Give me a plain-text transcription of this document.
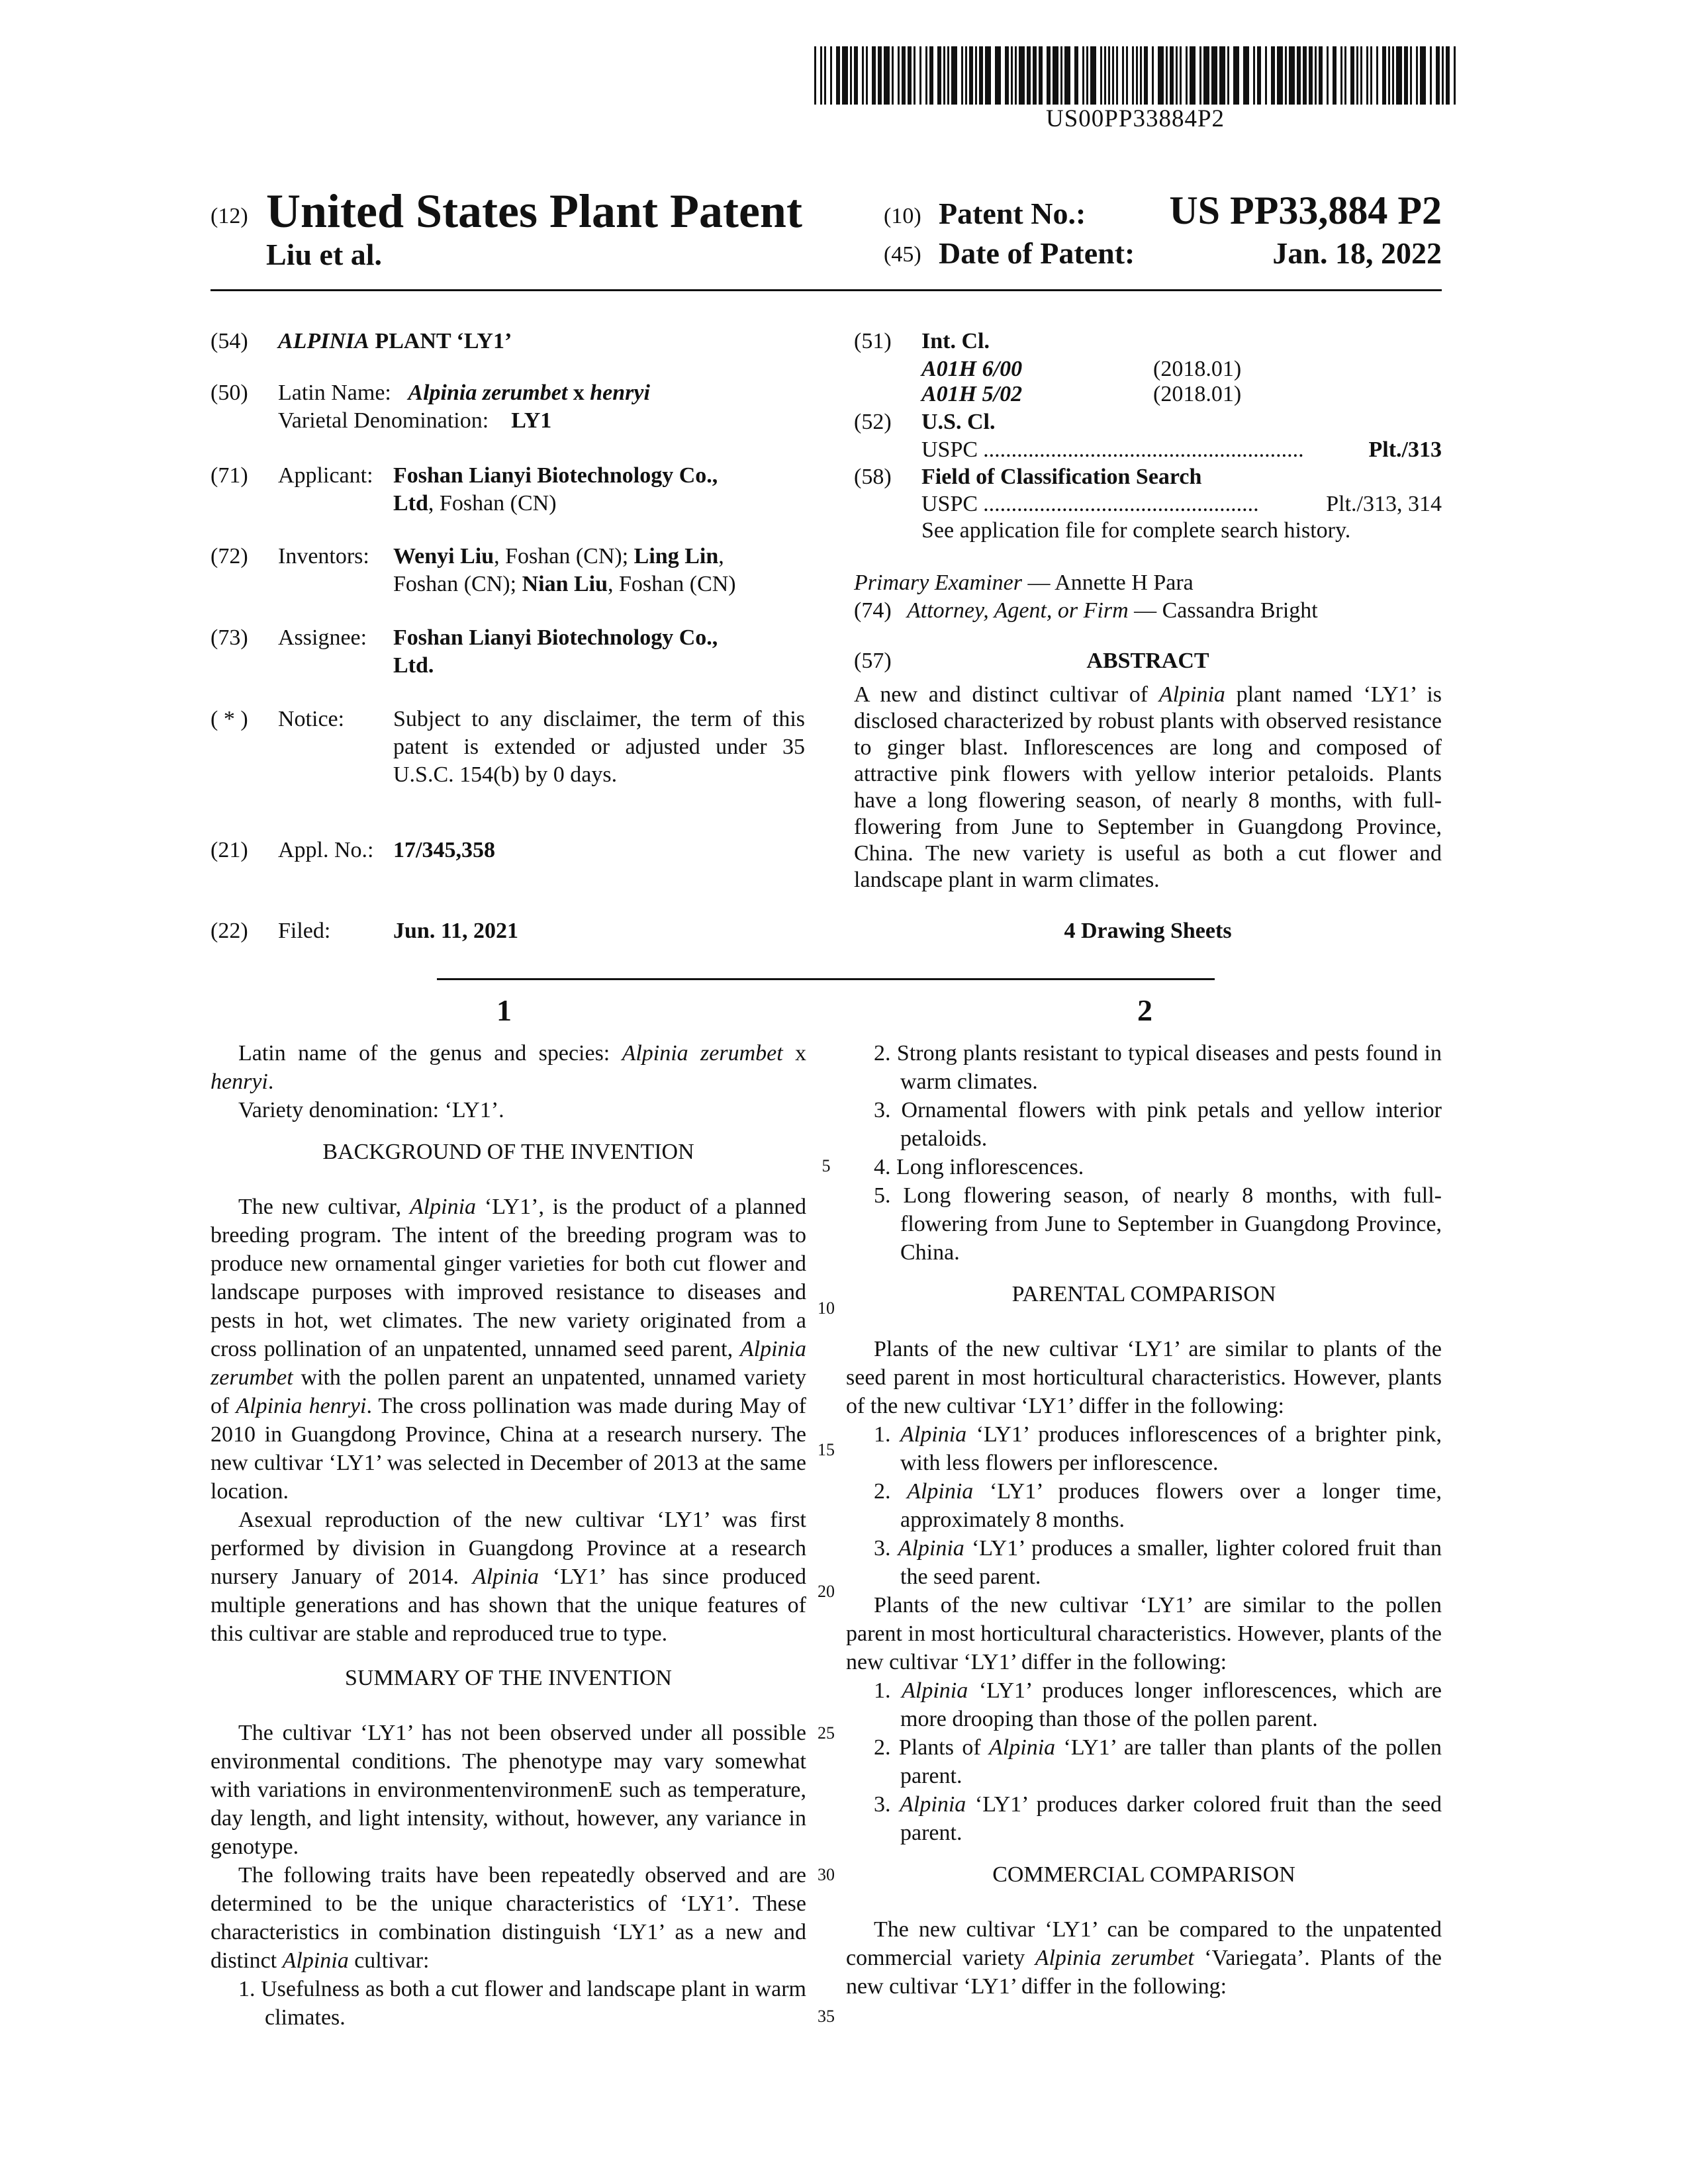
US00PP33884P2
(12) United States Plant Patent
Liu et al.
(10) Patent No.: US PP33,884 P2
(45) Date of Patent:	Jan. 18, 2022
(54) ALPINIA PLANT ‘LY1’
(50) Latin Name: Alpinia zerumbet x henryi
Varietal Denomination: LY1
(71) Applicant: Foshan Lianyi Biotechnology Co.,
Ltd, Foshan (CN)
(72) Inventors: Wenyi Liu, Foshan (CN); Ling Lin,
Foshan (CN); Nian Liu, Foshan (CN)
(73) Assignee: Foshan Lianyi Biotechnology Co.,
Ltd.
( * ) Notice: Subject to any disclaimer, the term of this patent is extended or adjusted under 35 U.S.C. 154(b) by 0 days.
(21) Appl. No.: 17/345,358
(22) Filed:	Jun. 11, 2021
(51) Int. Cl.
A01H 6/00	(2018.01)
A01H 5/02	(2018.01)
(52) U.S. Cl.
USPC .........................................................	Plt./313
(58) Field of Classification Search
USPC .................................................	Plt./313, 314
See application file for complete search history.
Primary Examiner — Annette H Para
(74) Attorney, Agent, or Firm — Cassandra Bright
(57)	ABSTRACT
A new and distinct cultivar of Alpinia plant named ‘LY1’ is disclosed characterized by robust plants with observed resistance to ginger blast. Inflorescences are long and composed of attractive pink flowers with yellow interior petaloids. Plants have a long flowering season, of nearly 8 months, with full-flowering from June to September in Guangdong Province, China. The new variety is useful as both a cut flower and landscape plant in warm climates.
4 Drawing Sheets
1	2

Latin name of the genus and species: Alpinia zerumbet x henryi.

Variety denomination: ‘LY1’.

BACKGROUND OF THE INVENTION

The new cultivar, Alpinia ‘LY1’, is the product of a planned breeding program. The intent of the breeding program was to produce new ornamental ginger varieties for both cut flower and landscape purposes with improved resistance to diseases and pests in hot, wet climates. The new variety originated from a cross pollination of an unpatented, unnamed seed parent, Alpinia zerumbet with the pollen parent an unpatented, unnamed variety of Alpinia henryi. The cross pollination was made during May of 2010 in Guangdong Province, China at a research nursery. The new cultivar ‘LY1’ was selected in December of 2013 at the same location.

Asexual reproduction of the new cultivar ‘LY1’ was first performed by division in Guangdong Province at a research nursery January of 2014. Alpinia ‘LY1’ has since produced multiple generations and has shown that the unique features of this cultivar are stable and reproduced true to type.

SUMMARY OF THE INVENTION

The cultivar ‘LY1’ has not been observed under all possible environmental conditions. The phenotype may vary somewhat with variations in environmentenvironmenE such as temperature, day length, and light intensity, without, however, any variance in genotype.

The following traits have been repeatedly observed and are determined to be the unique characteristics of ‘LY1’. These characteristics in combination distinguish ‘LY1’ as a new and distinct Alpinia cultivar:

1. Usefulness as both a cut flower and landscape plant in warm climates.

5
10
15
20
25
30
35

2. Strong plants resistant to typical diseases and pests found in warm climates.

3. Ornamental flowers with pink petals and yellow interior petaloids.

4. Long inflorescences.

5. Long flowering season, of nearly 8 months, with full-flowering from June to September in Guangdong Province, China.

PARENTAL COMPARISON

Plants of the new cultivar ‘LY1’ are similar to plants of the seed parent in most horticultural characteristics. However, plants of the new cultivar ‘LY1’ differ in the following:

1. Alpinia ‘LY1’ produces inflorescences of a brighter pink, with less flowers per inflorescence.

2. Alpinia ‘LY1’ produces flowers over a longer time, approximately 8 months.

3. Alpinia ‘LY1’ produces a smaller, lighter colored fruit than the seed parent.

Plants of the new cultivar ‘LY1’ are similar to the pollen parent in most horticultural characteristics. However, plants of the new cultivar ‘LY1’ differ in the following:

1. Alpinia ‘LY1’ produces longer inflorescences, which are more drooping than those of the pollen parent.

2. Plants of Alpinia ‘LY1’ are taller than plants of the pollen parent.

3. Alpinia ‘LY1’ produces darker colored fruit than the seed parent.

COMMERCIAL COMPARISON

The new cultivar ‘LY1’ can be compared to the unpatented commercial variety Alpinia zerumbet ‘Variegata’. Plants of the new cultivar ‘LY1’ differ in the following:
